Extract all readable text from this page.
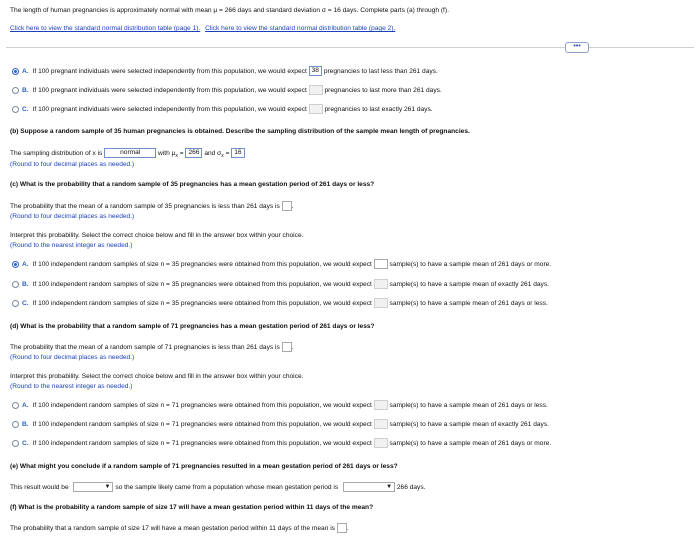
The length of human pregnancies is approximately normal with mean μ = 266 days and standard deviation σ = 16 days. Complete parts (a) through (f).
Click here to view the standard normal distribution table (page 1). Click here to view the standard normal distribution table (page 2).
•••
A. If 100 pregnant individuals were selected independently from this population, we would expect 38 pregnancies to last less than 261 days.
B. If 100 pregnant individuals were selected independently from this population, we would expect	pregnancies to last more than 261 days.
C. If 100 pregnant individuals were selected independently from this population, we would expect	pregnancies to last exactly 261 days.
(b) Suppose a random sample of 35 human pregnancies is obtained. Describe the sampling distribution of the sample mean length of pregnancies.
The sampling distribution of x is	normal	with $\mu_x = 266$ and $\sigma_x = 16$
(Round to four decimal places as needed.)
(c) What is the probability that a random sample of 35 pregnancies has a mean gestation period of 261 days or less?
The probability that the mean of a random sample of 35 pregnancies is less than 261 days is .
(Round to four decimal places as needed.)
Interpret this probability. Select the correct choice below and fill in the answer box within your choice.
(Round to the nearest integer as needed.)
A. If 100 independent random samples of size n = 35 pregnancies were obtained from this population, we would expect	sample(s) to have a sample mean of 261 days or more.
B. If 100 independent random samples of size n = 35 pregnancies were obtained from this population, we would expect	sample(s) to have a sample mean of exactly 261 days.
C. If 100 independent random samples of size n = 35 pregnancies were obtained from this population, we would expect	sample(s) to have a sample mean of 261 days or less.
(d) What is the probability that a random sample of 71 pregnancies has a mean gestation period of 261 days or less?
The probability that the mean of a random sample of 71 pregnancies is less than 261 days is .
(Round to four decimal places as needed.)
Interpret this probability. Select the correct choice below and fill in the answer box within your choice.
(Round to the nearest integer as needed.)
A. If 100 independent random samples of size n = 71 pregnancies were obtained from this population, we would expect	sample(s) to have a sample mean of 261 days or less.
B. If 100 independent random samples of size n = 71 pregnancies were obtained from this population, we would expect	sample(s) to have a sample mean of exactly 261 days.
C. If 100 independent random samples of size n = 71 pregnancies were obtained from this population, we would expect	sample(s) to have a sample mean of 261 days or more.
(e) What might you conclude if a random sample of 71 pregnancies resulted in a mean gestation period of 261 days or less?
This result would be	▼ so the sample likely came from a population whose mean gestation period is	▼ 266 days.
(f) What is the probability a random sample of size 17 will have a mean gestation period within 11 days of the mean?
The probability that a random sample of size 17 will have a mean gestation period within 11 days of the mean is .
